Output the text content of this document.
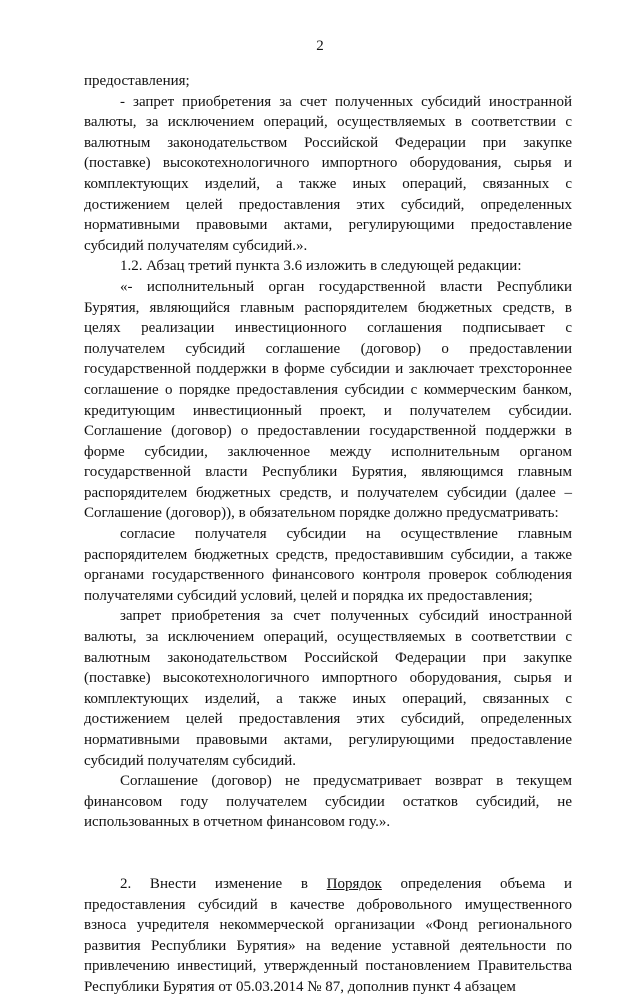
2

предоставления;

- запрет приобретения за счет полученных субсидий иностранной валюты, за исключением операций, осуществляемых в соответствии с валютным законодательством Российской Федерации при закупке (поставке) высокотехнологичного импортного оборудования, сырья и комплектующих изделий, а также иных операций, связанных с достижением целей предоставления этих субсидий, определенных нормативными правовыми актами, регулирующими предоставление субсидий получателям субсидий.».

1.2. Абзац третий пункта 3.6 изложить в следующей редакции:

«- исполнительный орган государственной власти Республики Бурятия, являющийся главным распорядителем бюджетных средств, в целях реализации инвестиционного соглашения подписывает с получателем субсидий соглашение (договор) о предоставлении государственной поддержки в форме субсидии и заключает трехстороннее соглашение о порядке предоставления субсидии с коммерческим банком, кредитующим инвестиционный проект, и получателем субсидии. Соглашение (договор) о предоставлении государственной поддержки в форме субсидии, заключенное между исполнительным органом государственной власти Республики Бурятия, являющимся главным распорядителем бюджетных средств, и получателем субсидии (далее – Соглашение (договор)), в обязательном порядке должно предусматривать:

согласие получателя субсидии на осуществление главным распорядителем бюджетных средств, предоставившим субсидии, а также органами государственного финансового контроля проверок соблюдения получателями субсидий условий, целей и порядка их предоставления;

запрет приобретения за счет полученных субсидий иностранной валюты, за исключением операций, осуществляемых в соответствии с валютным законодательством Российской Федерации при закупке (поставке) высокотехнологичного импортного оборудования, сырья и комплектующих изделий, а также иных операций, связанных с достижением целей предоставления этих субсидий, определенных нормативными правовыми актами, регулирующими предоставление субсидий получателям субсидий.

Соглашение (договор) не предусматривает возврат в текущем финансовом году получателем субсидии остатков субсидий, не использованных в отчетном финансовом году.».

2. Внести изменение в Порядок определения объема и предоставления субсидий в качестве добровольного имущественного взноса учредителя некоммерческой организации «Фонд регионального развития Республики Бурятия» на ведение уставной деятельности по привлечению инвестиций, утвержденный постановлением Правительства Республики Бурятия от 05.03.2014 № 87, дополнив пункт 4 абзацем
